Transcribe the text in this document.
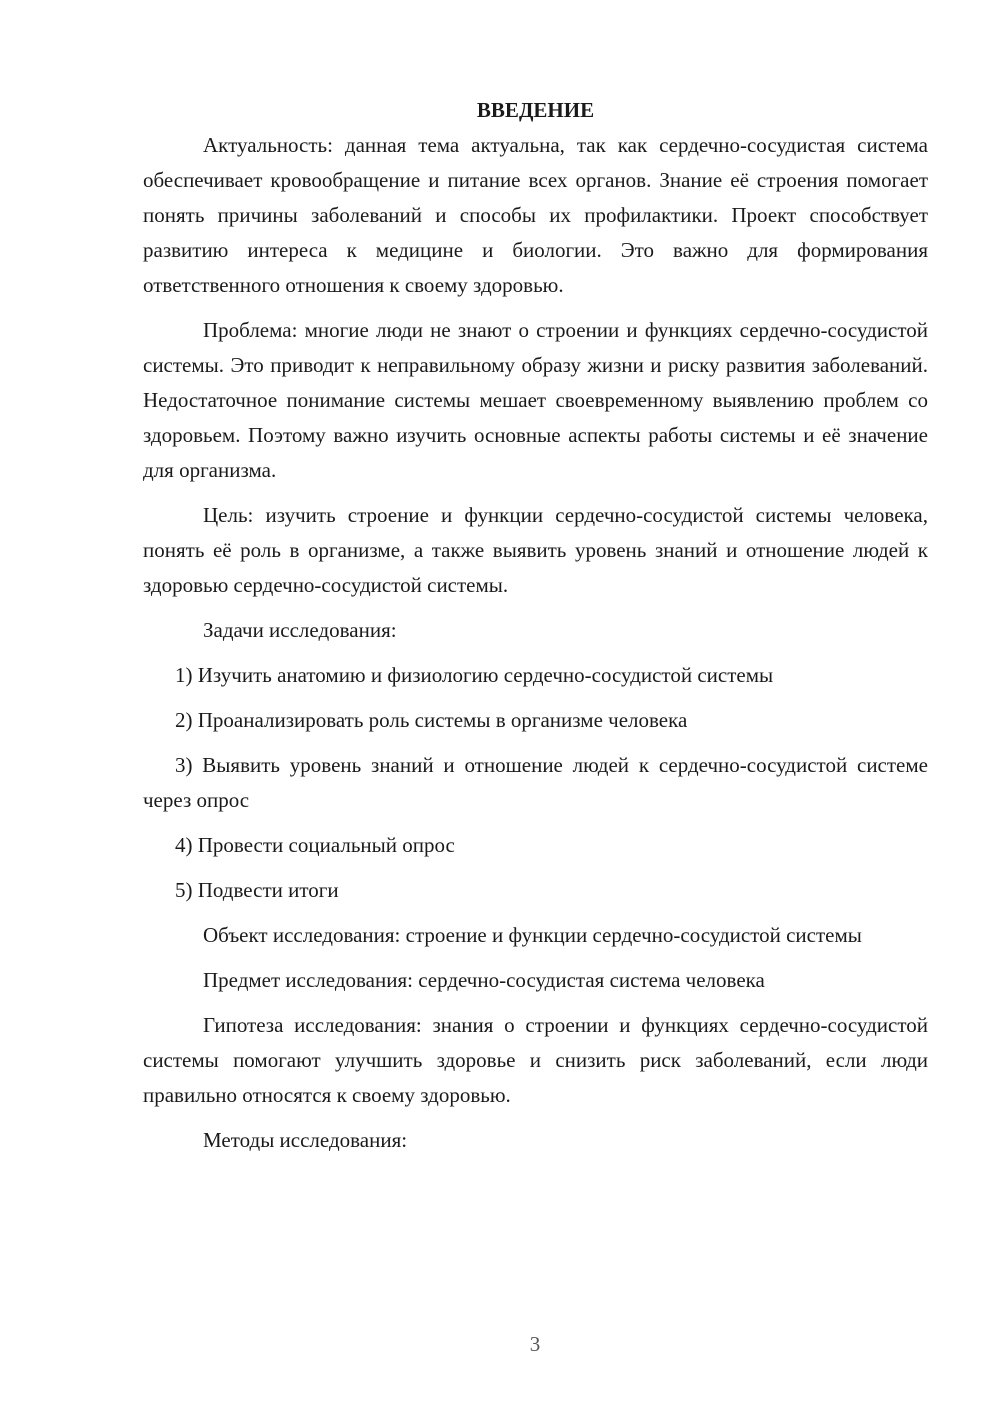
ВВЕДЕНИЕ

Актуальность: данная тема актуальна, так как сердечно-сосудистая система обеспечивает кровообращение и питание всех органов. Знание её строения помогает понять причины заболеваний и способы их профилактики. Проект способствует развитию интереса к медицине и биологии. Это важно для формирования ответственного отношения к своему здоровью.

Проблема: многие люди не знают о строении и функциях сердечно-сосудистой системы. Это приводит к неправильному образу жизни и риску развития заболеваний. Недостаточное понимание системы мешает своевременному выявлению проблем со здоровьем. Поэтому важно изучить основные аспекты работы системы и её значение для организма.

Цель: изучить строение и функции сердечно-сосудистой системы человека, понять её роль в организме, а также выявить уровень знаний и отношение людей к здоровью сердечно-сосудистой системы.

Задачи исследования:

1) Изучить анатомию и физиологию сердечно-сосудистой системы

2) Проанализировать роль системы в организме человека

3) Выявить уровень знаний и отношение людей к сердечно-сосудистой системе через опрос

4) Провести социальный опрос

5) Подвести итоги

Объект исследования: строение и функции сердечно-сосудистой системы

Предмет исследования: сердечно-сосудистая система человека

Гипотеза исследования: знания о строении и функциях сердечно-сосудистой системы помогают улучшить здоровье и снизить риск заболеваний, если люди правильно относятся к своему здоровью.

Методы исследования:

3
